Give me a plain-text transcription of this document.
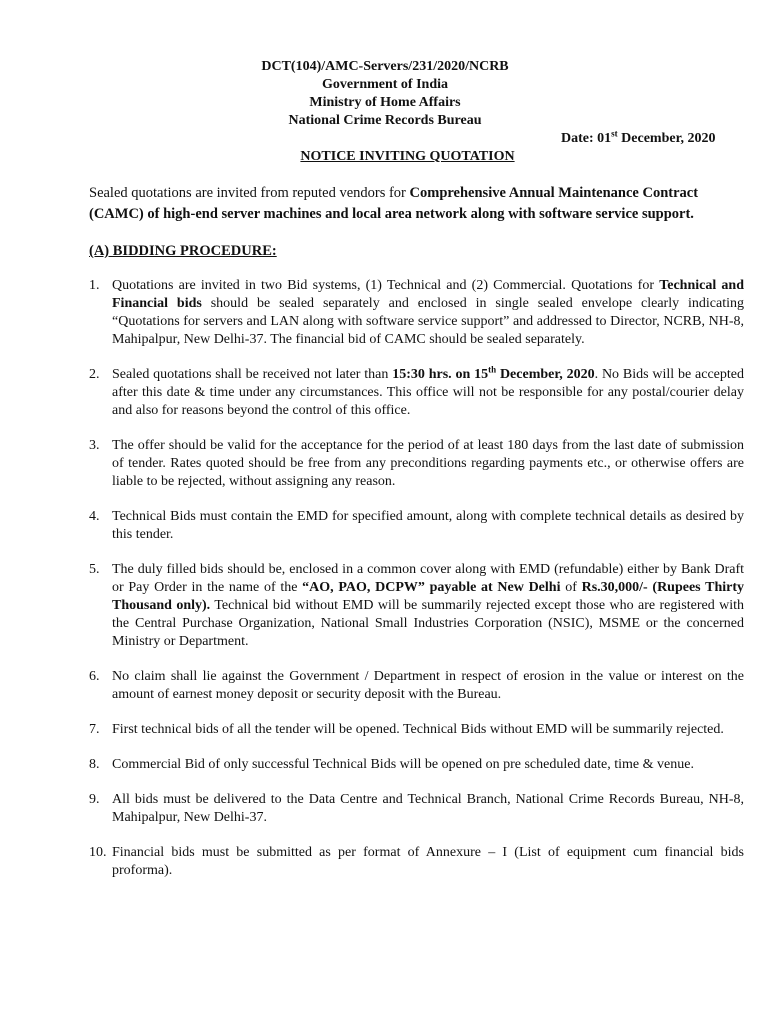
DCT(104)/AMC-Servers/231/2020/NCRB
Government of India
Ministry of Home Affairs
National Crime Records Bureau
Date: 01st December, 2020
NOTICE INVITING QUOTATION
Sealed quotations are invited from reputed vendors for Comprehensive Annual Maintenance Contract (CAMC) of high-end server machines and local area network along with software service support.
(A) BIDDING PROCEDURE:
1. Quotations are invited in two Bid systems, (1) Technical and (2) Commercial. Quotations for Technical and Financial bids should be sealed separately and enclosed in single sealed envelope clearly indicating “Quotations for servers and LAN along with software service support” and addressed to Director, NCRB, NH-8, Mahipalpur, New Delhi-37. The financial bid of CAMC should be sealed separately.
2. Sealed quotations shall be received not later than 15:30 hrs. on 15th December, 2020. No Bids will be accepted after this date & time under any circumstances. This office will not be responsible for any postal/courier delay and also for reasons beyond the control of this office.
3. The offer should be valid for the acceptance for the period of at least 180 days from the last date of submission of tender. Rates quoted should be free from any preconditions regarding payments etc., or otherwise offers are liable to be rejected, without assigning any reason.
4. Technical Bids must contain the EMD for specified amount, along with complete technical details as desired by this tender.
5. The duly filled bids should be, enclosed in a common cover along with EMD (refundable) either by Bank Draft or Pay Order in the name of the “AO, PAO, DCPW” payable at New Delhi of Rs.30,000/- (Rupees Thirty Thousand only). Technical bid without EMD will be summarily rejected except those who are registered with the Central Purchase Organization, National Small Industries Corporation (NSIC), MSME or the concerned Ministry or Department.
6. No claim shall lie against the Government / Department in respect of erosion in the value or interest on the amount of earnest money deposit or security deposit with the Bureau.
7. First technical bids of all the tender will be opened. Technical Bids without EMD will be summarily rejected.
8. Commercial Bid of only successful Technical Bids will be opened on pre scheduled date, time & venue.
9. All bids must be delivered to the Data Centre and Technical Branch, National Crime Records Bureau, NH-8, Mahipalpur, New Delhi-37.
10. Financial bids must be submitted as per format of Annexure – I (List of equipment cum financial bids proforma).
